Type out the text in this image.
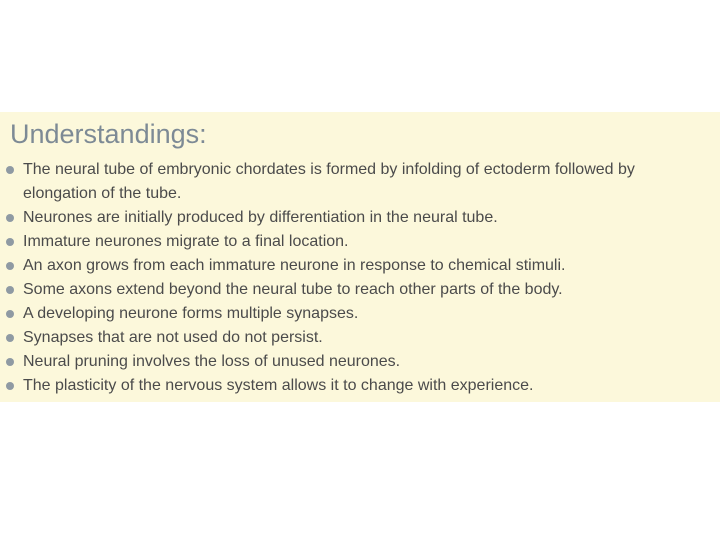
Understandings:
The neural tube of embryonic chordates is formed by infolding of ectoderm followed by elongation of the tube.
Neurones are initially produced by differentiation in the neural tube.
Immature neurones migrate to a final location.
An axon grows from each immature neurone in response to chemical stimuli.
Some axons extend beyond the neural tube to reach other parts of the body.
A developing neurone forms multiple synapses.
Synapses that are not used do not persist.
Neural pruning involves the loss of unused neurones.
The plasticity of the nervous system allows it to change with experience.
